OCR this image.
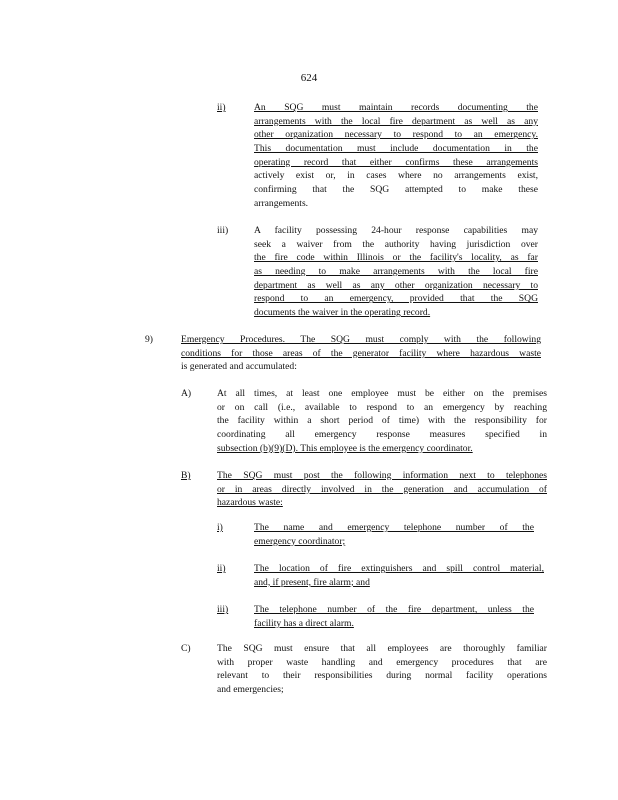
624
ii)	An SQG must maintain records documenting the
arrangements with the local fire department as well as any
other organization necessary to respond to an emergency.
This documentation must include documentation in the
operating record that either confirms these arrangements
actively exist or, in cases where no arrangements exist,
confirming that the SQG attempted to make these
arrangements.
iii)	A facility possessing 24-hour response capabilities may
seek a waiver from the authority having jurisdiction over
the fire code within Illinois or the facility's locality, as far
as needing to make arrangements with the local fire
department as well as any other organization necessary to
respond to an emergency, provided that the SQG
documents the waiver in the operating record.
9)	Emergency Procedures. The SQG must comply with the following
conditions for those areas of the generator facility where hazardous waste
is generated and accumulated:
A)	At all times, at least one employee must be either on the premises
or on call (i.e., available to respond to an emergency by reaching
the facility within a short period of time) with the responsibility for
coordinating all emergency response measures specified in
subsection (b)(9)(D). This employee is the emergency coordinator.
B)	The SQG must post the following information next to telephones
or in areas directly involved in the generation and accumulation of
hazardous waste:
i)	The name and emergency telephone number of the
emergency coordinator;
ii)	The location of fire extinguishers and spill control material,
and, if present, fire alarm; and
iii)	The telephone number of the fire department, unless the
facility has a direct alarm.
C)	The SQG must ensure that all employees are thoroughly familiar
with proper waste handling and emergency procedures that are
relevant to their responsibilities during normal facility operations
and emergencies;
